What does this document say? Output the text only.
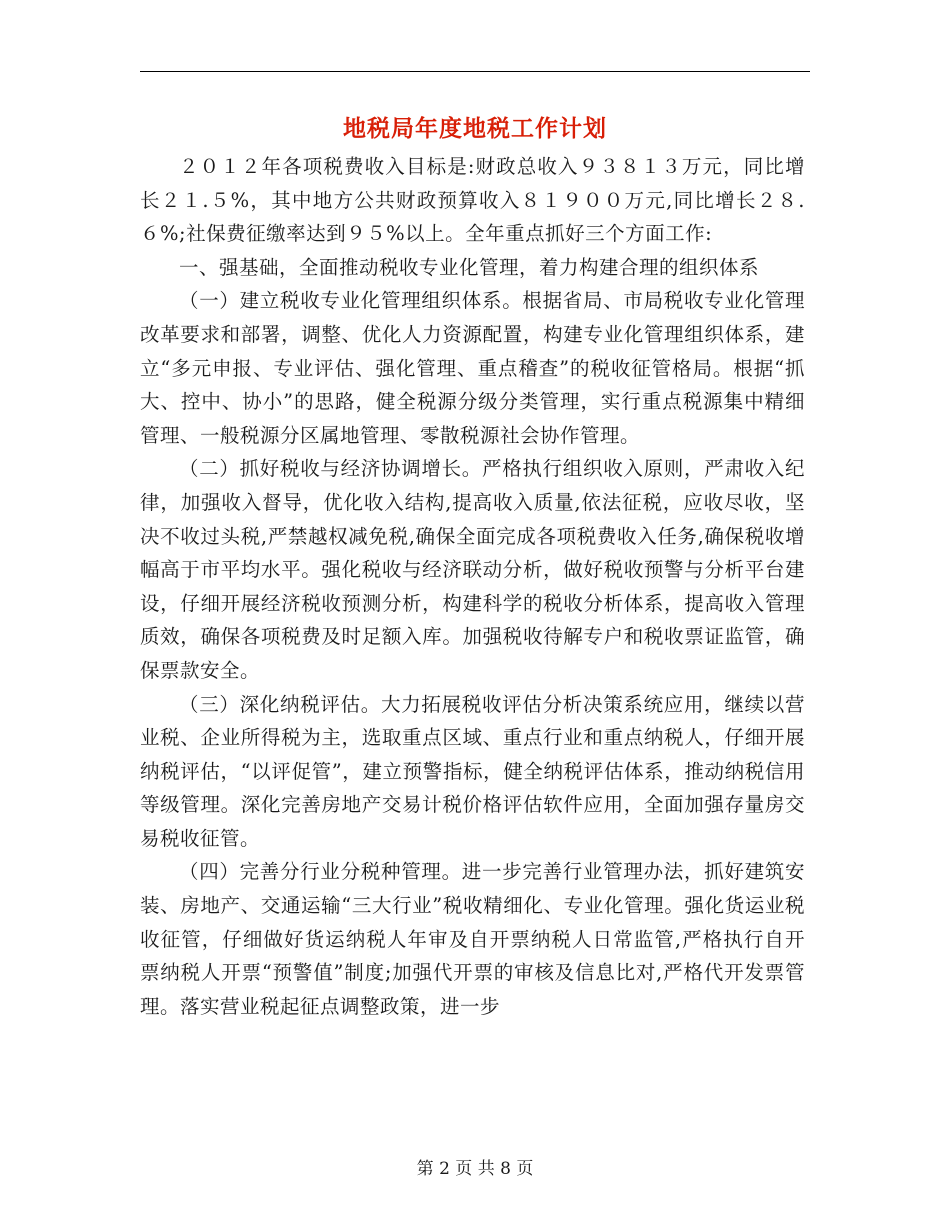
地税局年度地税工作计划

２０１２年各项税费收入目标是:财政总收入９３８１３万元，同比增长２１.５%，其中地方公共财政预算收入８１９００万元,同比增长２８.６%;社保费征缴率达到９５%以上。全年重点抓好三个方面工作:

一、强基础，全面推动税收专业化管理，着力构建合理的组织体系

（一）建立税收专业化管理组织体系。根据省局、市局税收专业化管理改革要求和部署，调整、优化人力资源配置，构建专业化管理组织体系，建立“多元申报、专业评估、强化管理、重点稽查”的税收征管格局。根据“抓大、控中、协小”的思路，健全税源分级分类管理，实行重点税源集中精细管理、一般税源分区属地管理、零散税源社会协作管理。

（二）抓好税收与经济协调增长。严格执行组织收入原则，严肃收入纪律，加强收入督导，优化收入结构,提高收入质量,依法征税，应收尽收，坚决不收过头税,严禁越权减免税,确保全面完成各项税费收入任务,确保税收增幅高于市平均水平。强化税收与经济联动分析，做好税收预警与分析平台建设，仔细开展经济税收预测分析，构建科学的税收分析体系，提高收入管理质效，确保各项税费及时足额入库。加强税收待解专户和税收票证监管，确保票款安全。

（三）深化纳税评估。大力拓展税收评估分析决策系统应用，继续以营业税、企业所得税为主，选取重点区域、重点行业和重点纳税人，仔细开展纳税评估，“以评促管”，建立预警指标，健全纳税评估体系，推动纳税信用等级管理。深化完善房地产交易计税价格评估软件应用，全面加强存量房交易税收征管。

（四）完善分行业分税种管理。进一步完善行业管理办法，抓好建筑安装、房地产、交通运输“三大行业”税收精细化、专业化管理。强化货运业税收征管，仔细做好货运纳税人年审及自开票纳税人日常监管,严格执行自开票纳税人开票“预警值”制度;加强代开票的审核及信息比对,严格代开发票管理。落实营业税起征点调整政策，进一步

第 2 页 共 8 页
